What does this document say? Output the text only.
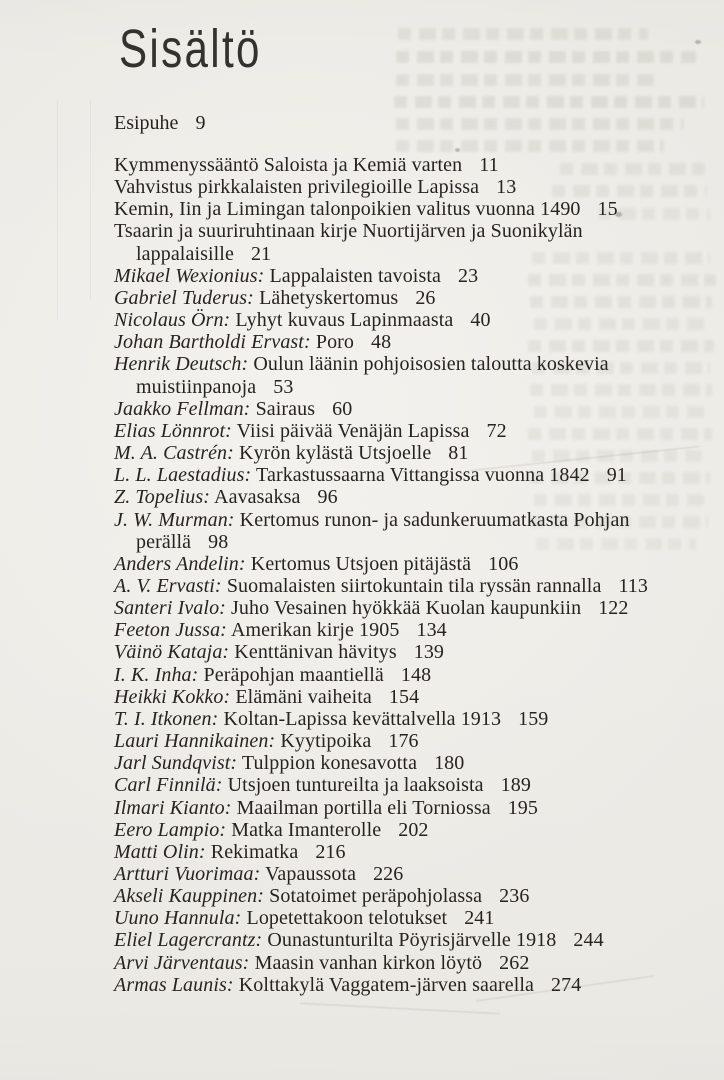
Sisältö
Esipuhe 9
Kymmenyssääntö Saloista ja Kemiä varten 11
Vahvistus pirkkalaisten privilegioille Lapissa 13
Kemin, Iin ja Limingan talonpoikien valitus vuonna 1490 15
Tsaarin ja suuriruhtinaan kirje Nuortijärven ja Suonikylän
lappalaisille 21
Mikael Wexionius: Lappalaisten tavoista 23
Gabriel Tuderus: Lähetyskertomus 26
Nicolaus Örn: Lyhyt kuvaus Lapinmaasta 40
Johan Bartholdi Ervast: Poro 48
Henrik Deutsch: Oulun läänin pohjoisosien taloutta koskevia
muistiinpanoja 53
Jaakko Fellman: Sairaus 60
Elias Lönnrot: Viisi päivää Venäjän Lapissa 72
M. A. Castrén: Kyrön kylästä Utsjoelle 81
L. L. Laestadius: Tarkastussaarna Vittangissa vuonna 1842 91
Z. Topelius: Aavasaksa 96
J. W. Murman: Kertomus runon- ja sadunkeruumatkasta Pohjan
perällä 98
Anders Andelin: Kertomus Utsjoen pitäjästä 106
A. V. Ervasti: Suomalaisten siirtokuntain tila ryssän rannalla 113
Santeri Ivalo: Juho Vesainen hyökkää Kuolan kaupunkiin 122
Feeton Jussa: Amerikan kirje 1905 134
Väinö Kataja: Kenttänivan hävitys 139
I. K. Inha: Peräpohjan maantiellä 148
Heikki Kokko: Elämäni vaiheita 154
T. I. Itkonen: Koltan-Lapissa kevättalvella 1913 159
Lauri Hannikainen: Kyytipoika 176
Jarl Sundqvist: Tulppion konesavotta 180
Carl Finnilä: Utsjoen tuntureilta ja laaksoista 189
Ilmari Kianto: Maailman portilla eli Torniossa 195
Eero Lampio: Matka Imanterolle 202
Matti Olin: Rekimatka 216
Artturi Vuorimaa: Vapaussota 226
Akseli Kauppinen: Sotatoimet peräpohjolassa 236
Uuno Hannula: Lopetettakoon telotukset 241
Eliel Lagercrantz: Ounastunturilta Pöyrisjärvelle 1918 244
Arvi Järventaus: Maasin vanhan kirkon löytö 262
Armas Launis: Kolttakylä Vaggatem-järven saarella 274
